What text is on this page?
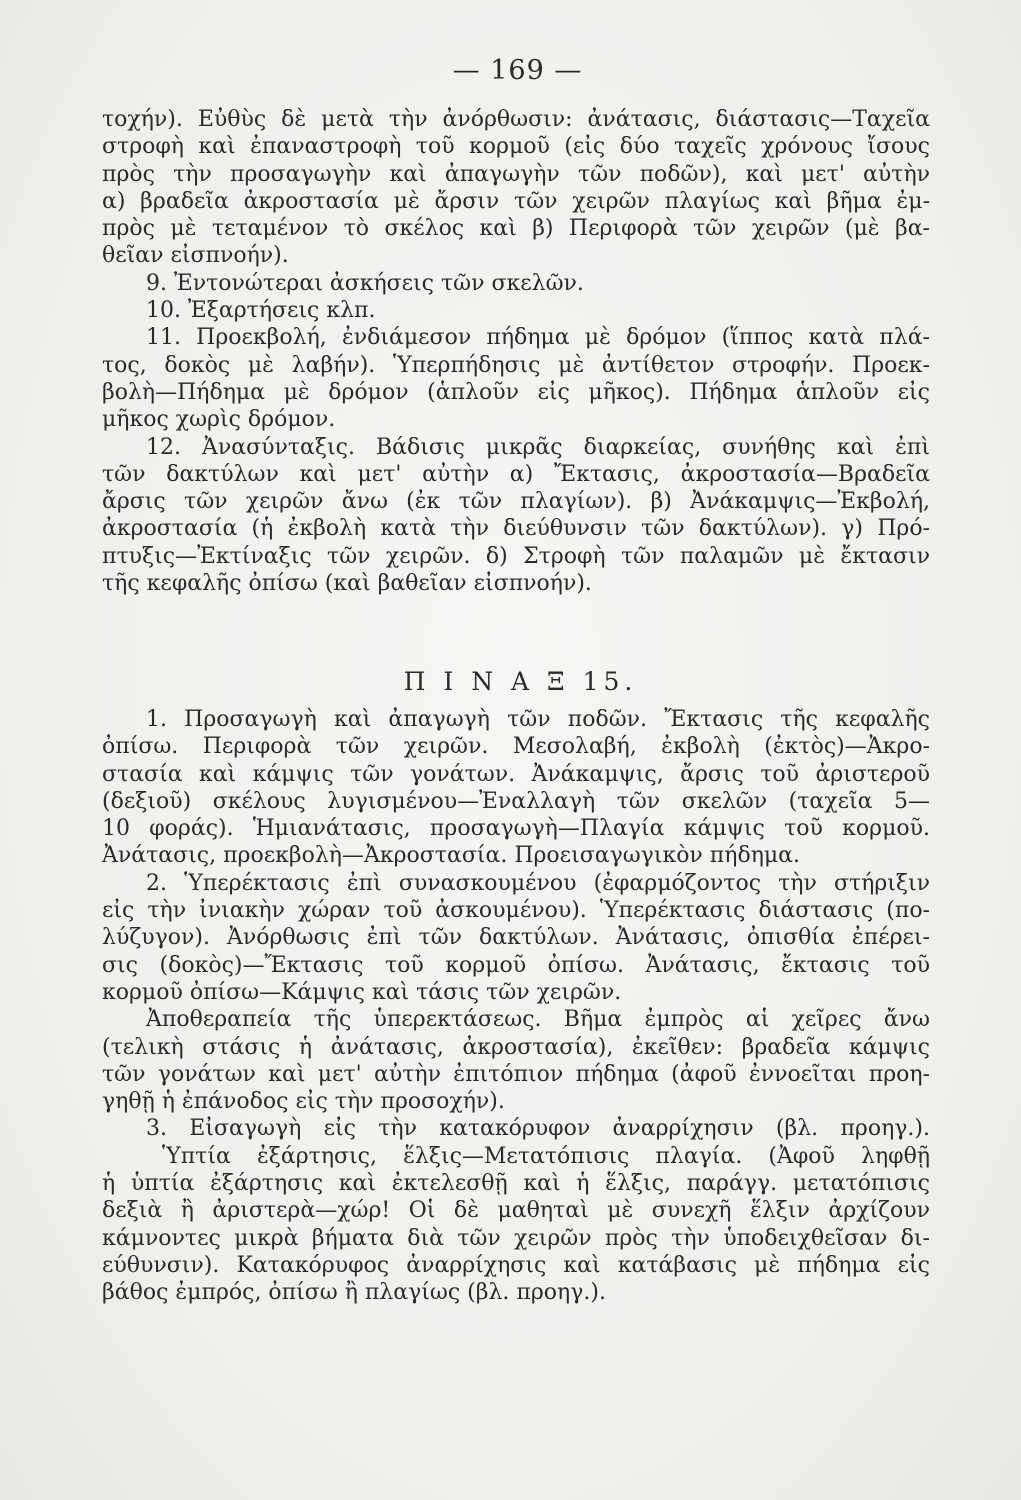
— 169 —
τοχήν). Εὐθὺς δὲ μετὰ τὴν ἀνόρθωσιν: ἀνάτασις, διάστασις—Ταχεῖα
στροφὴ καὶ ἐπαναστροφὴ τοῦ κορμοῦ (εἰς δύο ταχεῖς χρόνους ἴσους
πρὸς τὴν προσαγωγὴν καὶ ἀπαγωγὴν τῶν ποδῶν), καὶ μετ' αὐτὴν
α) βραδεῖα ἀκροστασία μὲ ἄρσιν τῶν χειρῶν πλαγίως καὶ βῆμα ἐμ-
πρὸς μὲ τεταμένον τὸ σκέλος καὶ β) Περιφορὰ τῶν χειρῶν (μὲ βα-
θεῖαν εἰσπνοήν).
9. Ἐντονώτεραι ἀσκήσεις τῶν σκελῶν.
10. Ἐξαρτήσεις κλπ.
11. Προεκβολή, ἐνδιάμεσον πήδημα μὲ δρόμον (ἵππος κατὰ πλά-
τος, δοκὸς μὲ λαβήν). Ὑπερπήδησις μὲ ἀντίθετον στροφήν. Προεκ-
βολὴ—Πήδημα μὲ δρόμον (ἁπλοῦν εἰς μῆκος). Πήδημα ἁπλοῦν εἰς
μῆκος χωρὶς δρόμον.
12. Ἀνασύνταξις. Βάδισις μικρᾶς διαρκείας, συνήθης καὶ ἐπὶ
τῶν δακτύλων καὶ μετ' αὐτὴν α) Ἔκτασις, ἀκροστασία—Βραδεῖα
ἄρσις τῶν χειρῶν ἄνω (ἐκ τῶν πλαγίων). β) Ἀνάκαμψις—Ἐκβολή,
ἀκροστασία (ἡ ἐκβολὴ κατὰ τὴν διεύθυνσιν τῶν δακτύλων). γ) Πρό-
πτυξις—Ἐκτίναξις τῶν χειρῶν. δ) Στροφὴ τῶν παλαμῶν μὲ ἔκτασιν
τῆς κεφαλῆς ὀπίσω (καὶ βαθεῖαν εἰσπνοήν).
Π Ι Ν Α Ξ 15.
1. Προσαγωγὴ καὶ ἀπαγωγὴ τῶν ποδῶν. Ἔκτασις τῆς κεφαλῆς
ὀπίσω. Περιφορὰ τῶν χειρῶν. Μεσολαβή, ἐκβολὴ (ἐκτὸς)—Ἀκρο-
στασία καὶ κάμψις τῶν γονάτων. Ἀνάκαμψις, ἄρσις τοῦ ἀριστεροῦ
(δεξιοῦ) σκέλους λυγισμένου—Ἐναλλαγὴ τῶν σκελῶν (ταχεῖα 5—
10 φοράς). Ἡμιανάτασις, προσαγωγὴ—Πλαγία κάμψις τοῦ κορμοῦ.
Ἀνάτασις, προεκβολὴ—Ἀκροστασία. Προεισαγωγικὸν πήδημα.
2. Ὑπερέκτασις ἐπὶ συνασκουμένου (ἐφαρμόζοντος τὴν στήριξιν
εἰς τὴν ἰνιακὴν χώραν τοῦ ἀσκουμένου). Ὑπερέκτασις διάστασις (πο-
λύζυγον). Ἀνόρθωσις ἐπὶ τῶν δακτύλων. Ἀνάτασις, ὀπισθία ἐπέρει-
σις (δοκὸς)—Ἔκτασις τοῦ κορμοῦ ὀπίσω. Ἀνάτασις, ἔκτασις τοῦ
κορμοῦ ὀπίσω—Κάμψις καὶ τάσις τῶν χειρῶν.
Ἀποθεραπεία τῆς ὑπερεκτάσεως. Βῆμα ἐμπρὸς αἱ χεῖρες ἄνω
(τελικὴ στάσις ἡ ἀνάτασις, ἀκροστασία), ἐκεῖθεν: βραδεῖα κάμψις
τῶν γονάτων καὶ μετ' αὐτὴν ἐπιτόπιον πήδημα (ἀφοῦ ἐννοεῖται προη-
γηθῇ ἡ ἐπάνοδος εἰς τὴν προσοχήν).
3. Εἰσαγωγὴ εἰς τὴν κατακόρυφον ἀναρρίχησιν (βλ. προηγ.).
Ὑπτία ἐξάρτησις, ἕλξις—Μετατόπισις πλαγία. (Ἀφοῦ ληφθῇ
ἡ ὑπτία ἐξάρτησις καὶ ἐκτελεσθῇ καὶ ἡ ἕλξις, παράγγ. μετατόπισις
δεξιὰ ἢ ἀριστερὰ—χώρ! Οἱ δὲ μαθηταὶ μὲ συνεχῆ ἕλξιν ἀρχίζουν
κάμνοντες μικρὰ βήματα διὰ τῶν χειρῶν πρὸς τὴν ὑποδειχθεῖσαν δι-
εύθυνσιν). Κατακόρυφος ἀναρρίχησις καὶ κατάβασις μὲ πήδημα εἰς
βάθος ἐμπρός, ὀπίσω ἢ πλαγίως (βλ. προηγ.).
